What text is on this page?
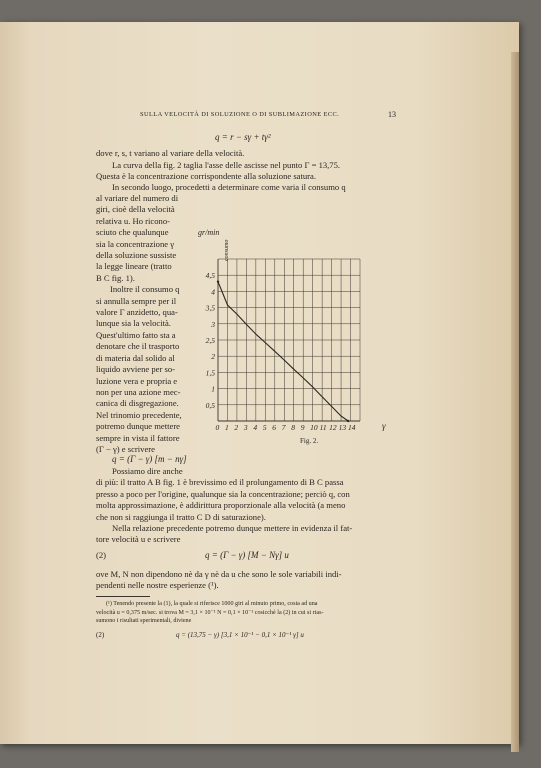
SULLA VELOCITÀ DI SOLUZIONE O DI SUBLIMAZIONE ECC.	13
q = r − sγ + tγ²
dove r, s, t variano al variare della velocità.
La curva della fig. 2 taglia l'asse delle ascisse nel punto Γ = 13,75.
Questa è la concentrazione corrispondente alla soluzione satura.
In secondo luogo, procedetti a determinare come varia il consumo q
al variare del numero di
giri, cioè della velocità
relativa u. Ho ricono-
sciuto che qualunque
sia la concentrazione γ
della soluzione sussiste
la legge lineare (tratto
B C fig. 1).
Inoltre il consumo q
si annulla sempre per il
valore Γ anzidetto, qua-
lunque sia la velocità.
Quest'ultimo fatto sta a
denotare che il trasporto
di materia dal solido al
liquido avviene per so-
luzione vera e propria e
non per una azione mec-
canica di disgregazione.
Nel trinomio precedente,
potremo dunque mettere
sempre in vista il fattore
(Γ − γ) e scrivere
q = (Γ − γ) [m − nγ]
0 1 2 3 4 5 6 7 8 9 10 11 12 13 14
0,5
1
1,5
2
2,5
3
3,5
4
4,5
gr/min
consumo
γ
Fig. 2.
Possiamo dire anche
di più: il tratto A B fig. 1 è brevissimo ed il prolungamento di B C passa
presso a poco per l'origine, qualunque sia la concentrazione; perciò q, con
molta approssimazione, è addirittura proporzionale alla velocità (a meno
che non si raggiunga il tratto C D di saturazione).
Nella relazione precedente potremo dunque mettere in evidenza il fat-
tore velocità u e scrivere
(2)	q = (Γ − γ) [M − Nγ] u
ove M, N non dipendono nè da γ nè da u che sono le sole variabili indi-
pendenti nelle nostre esperienze (¹).
(¹) Tenendo presente la (1), la quale si riferisce 1000 giri al minuto primo, cosia ad una
velocità u = 0,375 m/sec. si trova M = 3,1 × 10⁻¹ N = 0,1 × 10⁻¹ cosicchè la (2) in cui si rias-
sumono i risultati sperimentali, diviene
(2)	q = (13,75 − γ) [3,1 × 10⁻¹ − 0,1 × 10⁻¹ γ] u
